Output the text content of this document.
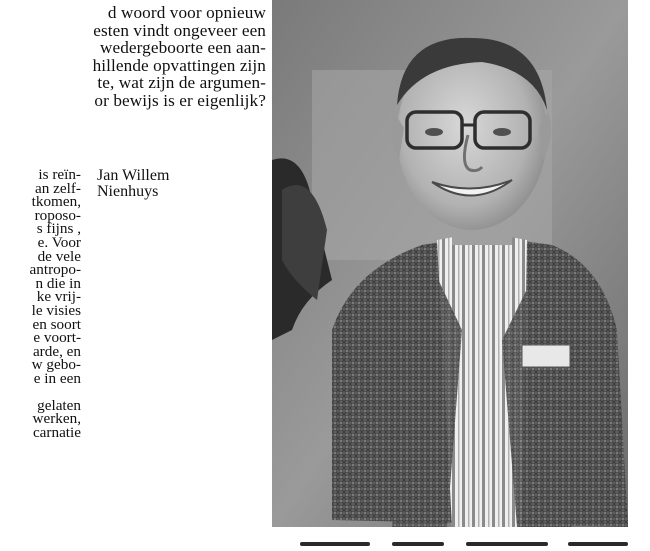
d woord voor opnieuw
esten vindt ongeveer een
wedergeboorte een aan-
hillende opvattingen zijn
te, wat zijn de argumen-
or bewijs is er eigenlijk?
is reïn-
an zelf-
tkomen,
roposo-
s fijns ,
e. Voor
de vele
antropo-
n die in
ke vrij-
le visies
en soort
e voort-
arde, en
w gebo-
e in een
gelaten
werken,
carnatie
Jan Willem
Nienhuys
